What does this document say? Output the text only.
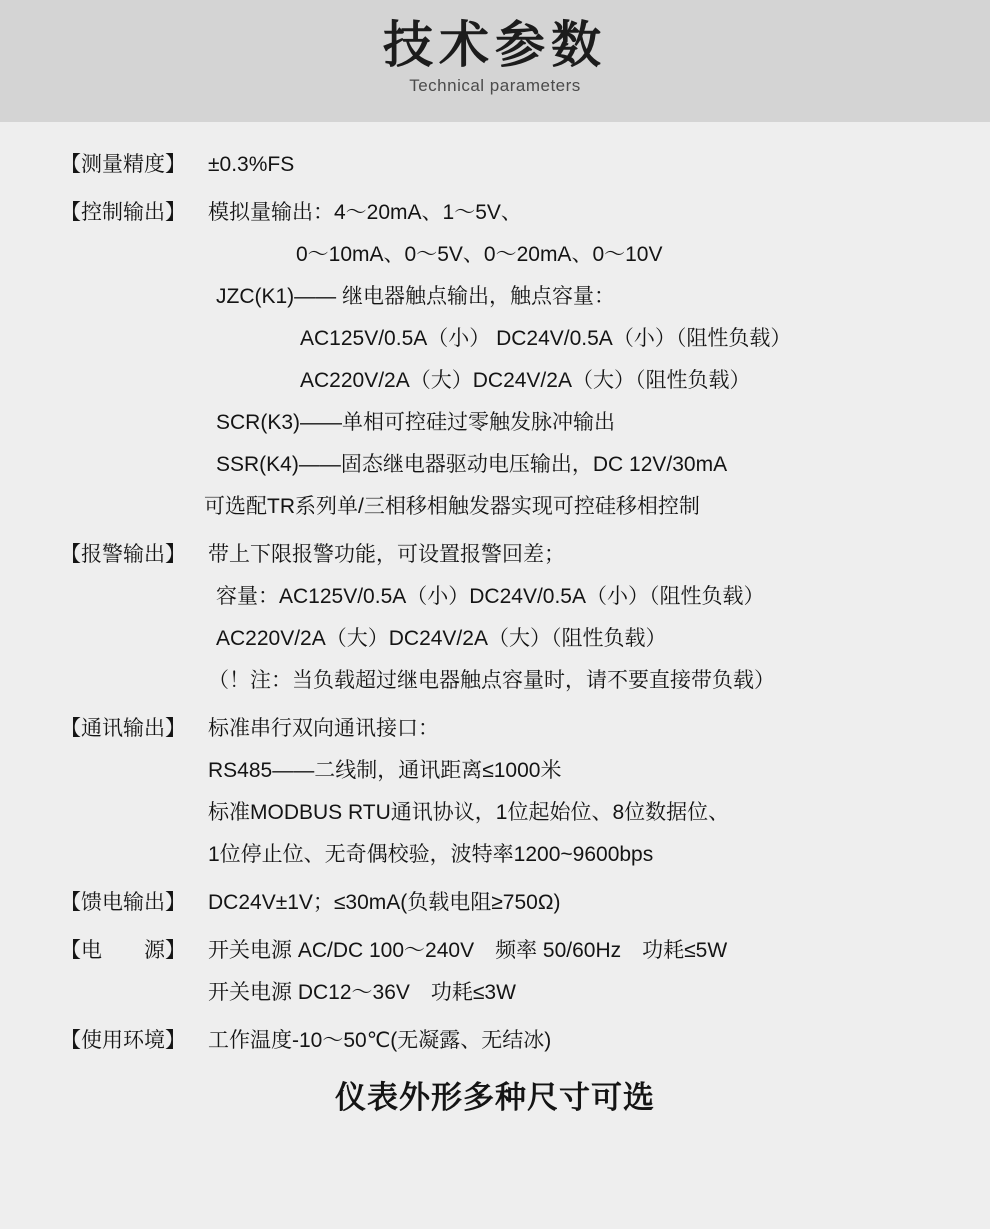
技术参数
Technical parameters
【测量精度】	±0.3%FS
【控制输出】	模拟量输出：4～20mA、1～5V、
0～10mA、0～5V、0～20mA、0～10V
JZC(K1)—— 继电器触点输出，触点容量：
AC125V/0.5A（小） DC24V/0.5A（小）（阻性负载）
AC220V/2A（大）DC24V/2A（大）（阻性负载）
SCR(K3)——单相可控硅过零触发脉冲输出
SSR(K4)——固态继电器驱动电压输出，DC 12V/30mA
可选配TR系列单/三相移相触发器实现可控硅移相控制
【报警输出】	带上下限报警功能，可设置报警回差；
容量：AC125V/0.5A（小）DC24V/0.5A（小）（阻性负载）
AC220V/2A（大）DC24V/2A（大）（阻性负载）
（！注：当负载超过继电器触点容量时，请不要直接带负载）
【通讯输出】	标准串行双向通讯接口：
RS485——二线制，通讯距离≤1000米
标准MODBUS RTU通讯协议，1位起始位、8位数据位、
1位停止位、无奇偶校验，波特率1200~9600bps
【馈电输出】	DC24V±1V；≤30mA(负载电阻≥750Ω)
【电　　源】	开关电源 AC/DC 100～240V　频率 50/60Hz　功耗≤5W
开关电源 DC12～36V　功耗≤3W
【使用环境】	工作温度-10～50℃(无凝露、无结冰)
仪表外形多种尺寸可选
